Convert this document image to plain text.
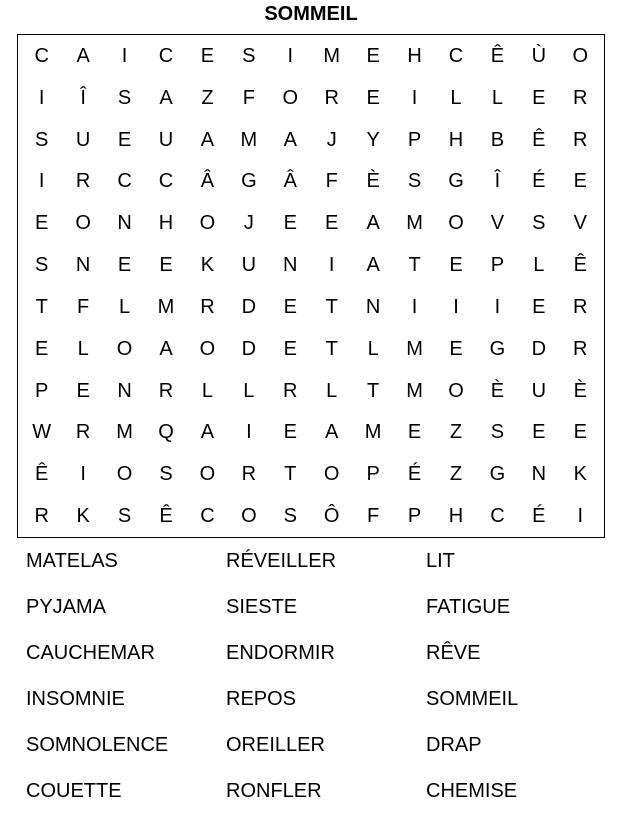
SOMMEIL
C	A	I	C	E	S	I	M	E	H	C	Ê	Ù	O
I	Î	S	A	Z	F	O	R	E	I	L	L	E	R
S	U	E	U	A	M	A	J	Y	P	H	B	Ê	R
I	R	C	C	Â	G	Â	F	È	S	G	Î	É	E
E	O	N	H	O	J	E	E	A	M	O	V	S	V
S	N	E	E	K	U	N	I	A	T	E	P	L	Ê
T	F	L	M	R	D	E	T	N	I	I	I	E	R
E	L	O	A	O	D	E	T	L	M	E	G	D	R
P	E	N	R	L	L	R	L	T	M	O	È	U	È
W	R	M	Q	A	I	E	A	M	E	Z	S	E	E
Ê	I	O	S	O	R	T	O	P	É	Z	G	N	K
R	K	S	Ê	C	O	S	Ô	F	P	H	C	É	I
MATELAS	RÉVEILLER	LIT
PYJAMA	SIESTE	FATIGUE
CAUCHEMAR	ENDORMIR	RÊVE
INSOMNIE	REPOS	SOMMEIL
SOMNOLENCE	OREILLER	DRAP
COUETTE	RONFLER	CHEMISE
